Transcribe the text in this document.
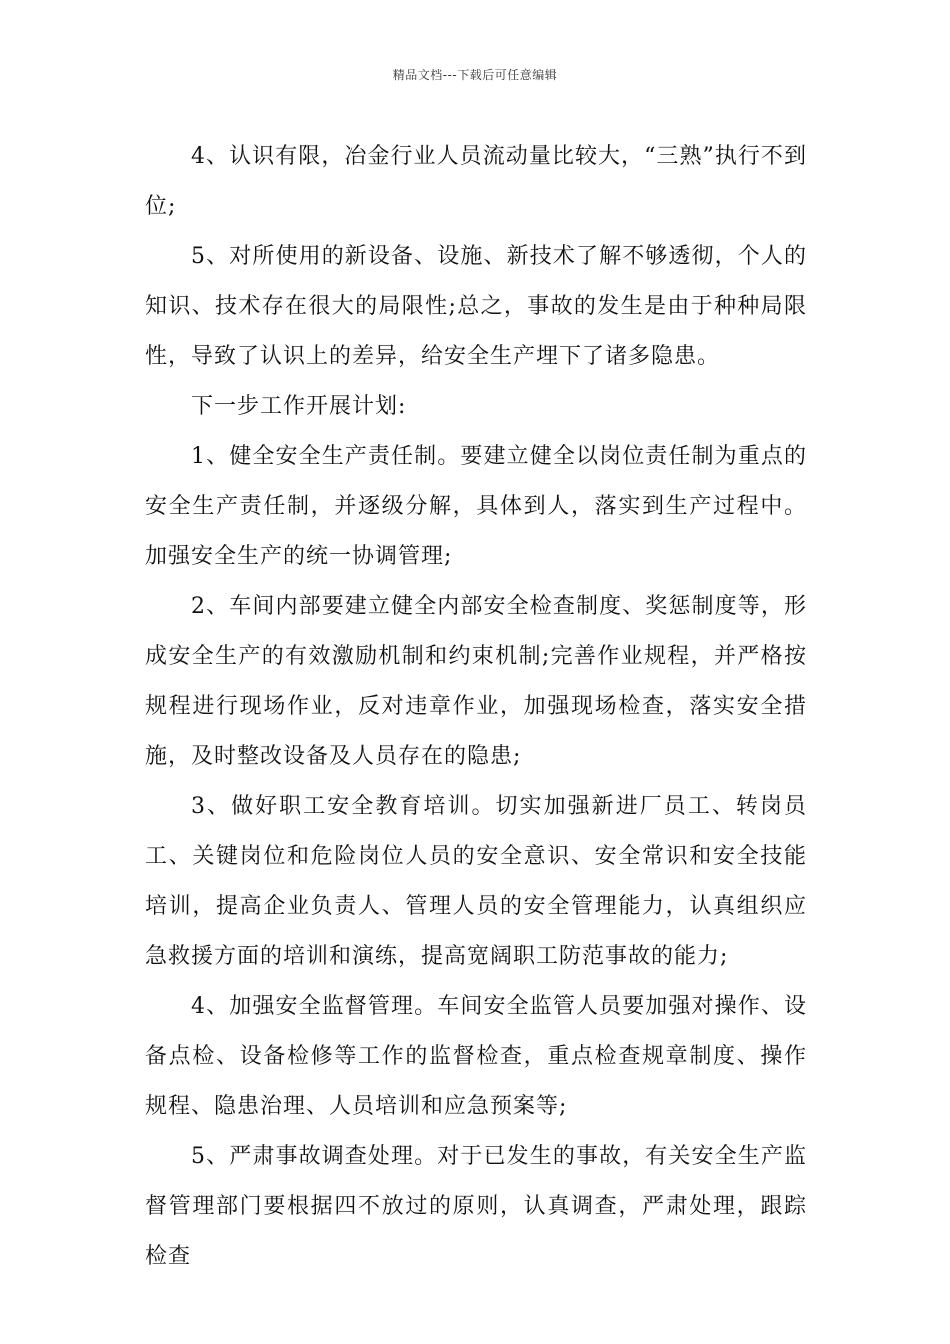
精品文档---下载后可任意编辑

4、认识有限，冶金行业人员流动量比较大，“三熟”执行不到位;

5、对所使用的新设备、设施、新技术了解不够透彻，个人的知识、技术存在很大的局限性;总之，事故的发生是由于种种局限性，导致了认识上的差异，给安全生产埋下了诸多隐患。

下一步工作开展计划:

1、健全安全生产责任制。要建立健全以岗位责任制为重点的安全生产责任制，并逐级分解，具体到人，落实到生产过程中。加强安全生产的统一协调管理;

2、车间内部要建立健全内部安全检查制度、奖惩制度等，形成安全生产的有效激励机制和约束机制;完善作业规程，并严格按规程进行现场作业，反对违章作业，加强现场检查，落实安全措施，及时整改设备及人员存在的隐患;

3、做好职工安全教育培训。切实加强新进厂员工、转岗员工、关键岗位和危险岗位人员的安全意识、安全常识和安全技能培训，提高企业负责人、管理人员的安全管理能力，认真组织应急救援方面的培训和演练，提高宽阔职工防范事故的能力;

4、加强安全监督管理。车间安全监管人员要加强对操作、设备点检、设备检修等工作的监督检查，重点检查规章制度、操作规程、隐患治理、人员培训和应急预案等;

5、严肃事故调查处理。对于已发生的事故，有关安全生产监督管理部门要根据四不放过的原则，认真调查，严肃处理，跟踪检查
